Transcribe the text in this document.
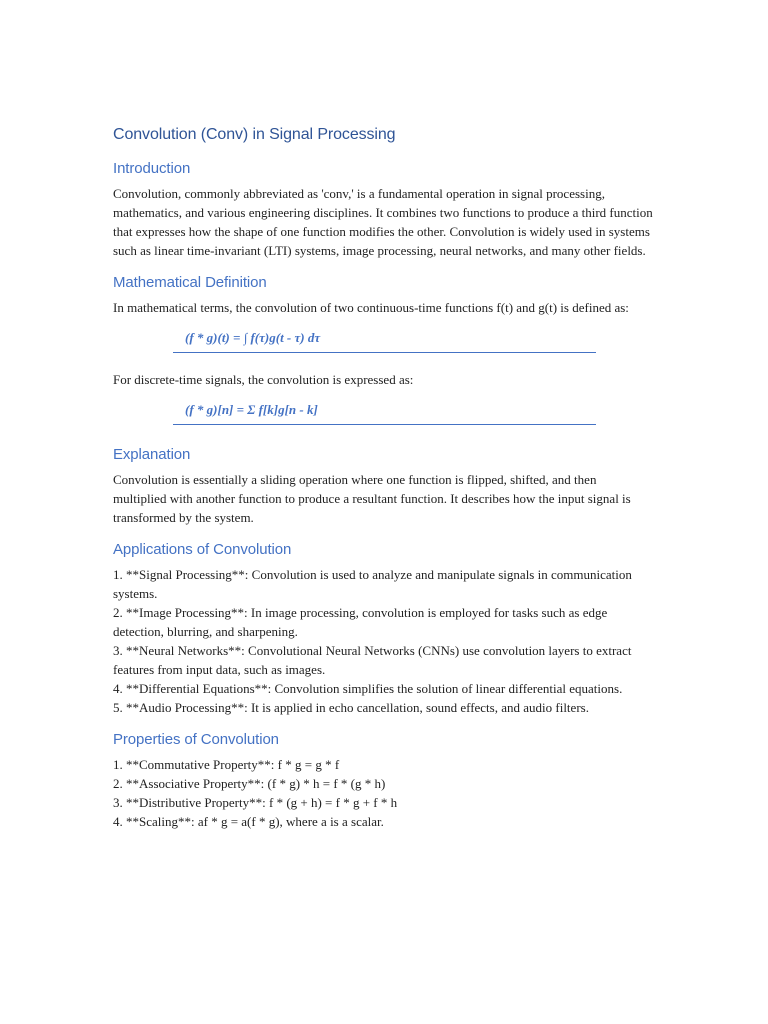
Convolution (Conv) in Signal Processing
Introduction

Convolution, commonly abbreviated as 'conv,' is a fundamental operation in signal processing, mathematics, and various engineering disciplines. It combines two functions to produce a third function that expresses how the shape of one function modifies the other. Convolution is widely used in systems such as linear time-invariant (LTI) systems, image processing, neural networks, and many other fields.

Mathematical Definition

In mathematical terms, the convolution of two continuous-time functions f(t) and g(t) is defined as:

(f * g)(t) = ∫ f(τ)g(t - τ) dτ

For discrete-time signals, the convolution is expressed as:

(f * g)[n] = Σ f[k]g[n - k]
Explanation

Convolution is essentially a sliding operation where one function is flipped, shifted, and then multiplied with another function to produce a resultant function. It describes how the input signal is transformed by the system.

Applications of Convolution
1. **Signal Processing**: Convolution is used to analyze and manipulate signals in communication systems.
2. **Image Processing**: In image processing, convolution is employed for tasks such as edge detection, blurring, and sharpening.
3. **Neural Networks**: Convolutional Neural Networks (CNNs) use convolution layers to extract features from input data, such as images.
4. **Differential Equations**: Convolution simplifies the solution of linear differential equations.
5. **Audio Processing**: It is applied in echo cancellation, sound effects, and audio filters.
Properties of Convolution
1. **Commutative Property**: f * g = g * f
2. **Associative Property**: (f * g) * h = f * (g * h)
3. **Distributive Property**: f * (g + h) = f * g + f * h
4. **Scaling**: af * g = a(f * g), where a is a scalar.
